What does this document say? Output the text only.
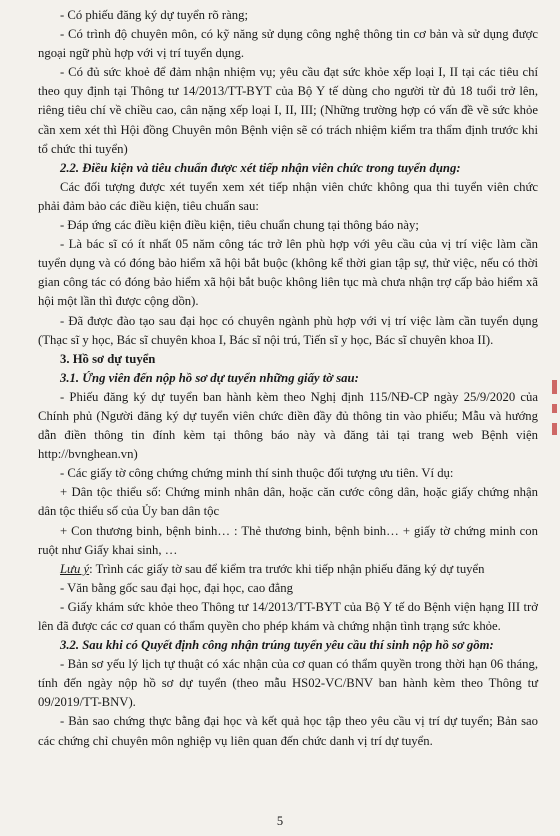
- Có phiếu đăng ký dự tuyển rõ ràng;

- Có trình độ chuyên môn, có kỹ năng sử dụng công nghệ thông tin cơ bản và sử dụng được ngoại ngữ phù hợp với vị trí tuyển dụng.

- Có đủ sức khoẻ để đảm nhận nhiệm vụ; yêu cầu đạt sức khỏe xếp loại I, II tại các tiêu chí theo quy định tại Thông tư 14/2013/TT-BYT của Bộ Y tế dùng cho người từ đủ 18 tuổi trở lên, riêng tiêu chí về chiều cao, cân nặng xếp loại I, II, III; (Những trường hợp có vấn đề về sức khỏe cần xem xét thì Hội đồng Chuyên môn Bệnh viện sẽ có trách nhiệm kiểm tra thẩm định trước khi tổ chức thi tuyển)

2.2. Điều kiện và tiêu chuẩn được xét tiếp nhận viên chức trong tuyển dụng:

Các đối tượng được xét tuyển xem xét tiếp nhận viên chức không qua thi tuyển viên chức phải đảm bảo các điều kiện, tiêu chuẩn sau:

- Đáp ứng các điều kiện điều kiện, tiêu chuẩn chung tại thông báo này;

- Là bác sĩ có ít nhất 05 năm công tác trở lên phù hợp với yêu cầu của vị trí việc làm cần tuyển dụng và có đóng bảo hiểm xã hội bắt buộc (không kể thời gian tập sự, thử việc, nếu có thời gian công tác có đóng bảo hiểm xã hội bắt buộc không liên tục mà chưa nhận trợ cấp bảo hiểm xã hội một lần thì được cộng dồn).

- Đã được đào tạo sau đại học có chuyên ngành phù hợp với vị trí việc làm cần tuyển dụng (Thạc sĩ y học, Bác sĩ chuyên khoa I, Bác sĩ nội trú, Tiến sĩ y học, Bác sĩ chuyên khoa II).

3. Hồ sơ dự tuyển

3.1. Ứng viên đến nộp hồ sơ dự tuyển những giấy tờ sau:

- Phiếu đăng ký dự tuyển ban hành kèm theo Nghị định 115/NĐ-CP ngày 25/9/2020 của Chính phủ (Người đăng ký dự tuyển viên chức điền đầy đủ thông tin vào phiếu; Mẫu và hướng dẫn điền thông tin đính kèm tại thông báo này và đăng tải tại trang web Bệnh viện http://bvnghean.vn)

- Các giấy tờ công chứng chứng minh thí sinh thuộc đối tượng ưu tiên. Ví dụ:

+ Dân tộc thiểu số: Chứng minh nhân dân, hoặc căn cước công dân, hoặc giấy chứng nhận dân tộc thiểu số của Ủy ban dân tộc

+ Con thương binh, bệnh binh… : Thẻ thương binh, bệnh binh… + giấy tờ chứng minh con ruột như Giấy khai sinh, …

Lưu ý: Trình các giấy tờ sau để kiểm tra trước khi tiếp nhận phiếu đăng ký dự tuyển

- Văn bằng gốc sau đại học, đại học, cao đẳng

- Giấy khám sức khỏe theo Thông tư 14/2013/TT-BYT của Bộ Y tế do Bệnh viện hạng III trở lên đã được các cơ quan có thẩm quyền cho phép khám và chứng nhận tình trạng sức khỏe.

3.2. Sau khi có Quyết định công nhận trúng tuyển yêu cầu thí sinh nộp hồ sơ gồm:

- Bản sơ yếu lý lịch tự thuật có xác nhận của cơ quan có thẩm quyền trong thời hạn 06 tháng, tính đến ngày nộp hồ sơ dự tuyển (theo mẫu HS02-VC/BNV ban hành kèm theo Thông tư 09/2019/TT-BNV).

- Bản sao chứng thực bằng đại học và kết quả học tập theo yêu cầu vị trí dự tuyển; Bản sao các chứng chỉ chuyên môn nghiệp vụ liên quan đến chức danh vị trí dự tuyển.

5
